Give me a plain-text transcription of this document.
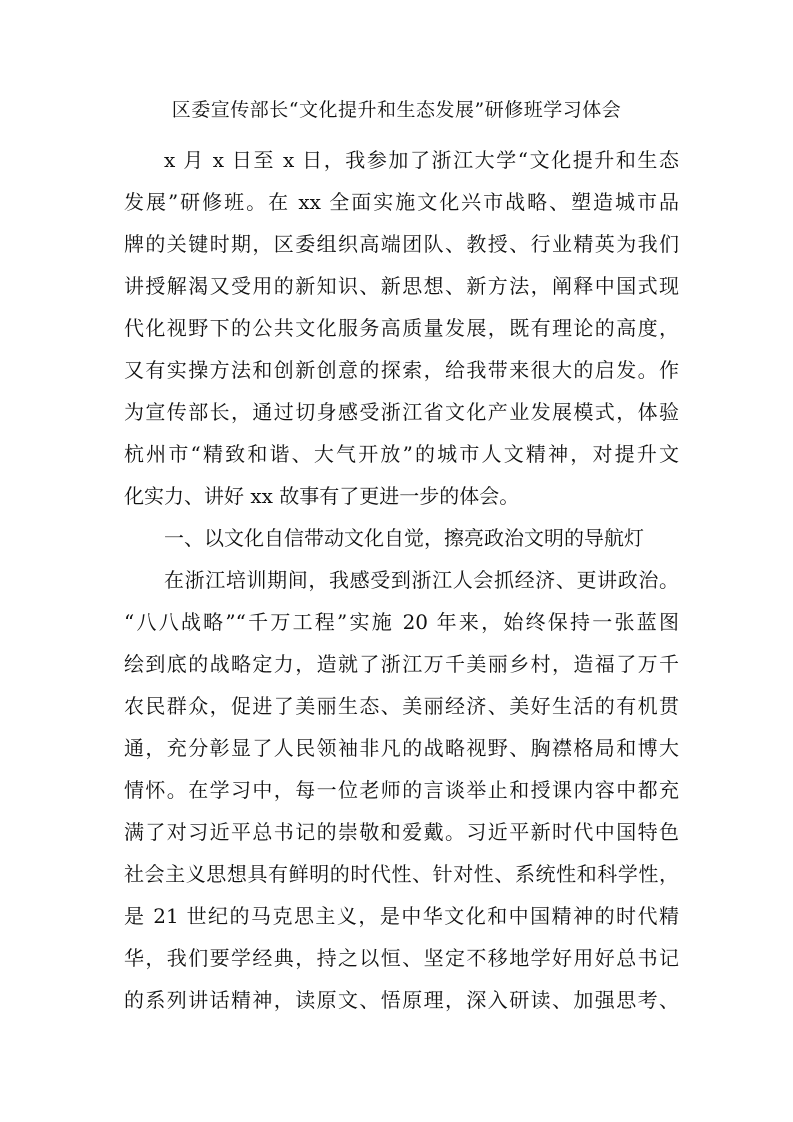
区委宣传部长“文化提升和生态发展”研修班学习体会
x 月 x 日至 x 日，我参加了浙江大学“文化提升和生态
发展”研修班。在 xx 全面实施文化兴市战略、塑造城市品
牌的关键时期，区委组织高端团队、教授、行业精英为我们
讲授解渴又受用的新知识、新思想、新方法，阐释中国式现
代化视野下的公共文化服务高质量发展，既有理论的高度，
又有实操方法和创新创意的探索，给我带来很大的启发。作
为宣传部长，通过切身感受浙江省文化产业发展模式，体验
杭州市“精致和谐、大气开放”的城市人文精神，对提升文
化实力、讲好 xx 故事有了更进一步的体会。
一、以文化自信带动文化自觉，擦亮政治文明的导航灯
在浙江培训期间，我感受到浙江人会抓经济、更讲政治。
“八八战略”“千万工程”实施 20 年来，始终保持一张蓝图
绘到底的战略定力，造就了浙江万千美丽乡村，造福了万千
农民群众，促进了美丽生态、美丽经济、美好生活的有机贯
通，充分彰显了人民领袖非凡的战略视野、胸襟格局和博大
情怀。在学习中，每一位老师的言谈举止和授课内容中都充
满了对习近平总书记的崇敬和爱戴。习近平新时代中国特色
社会主义思想具有鲜明的时代性、针对性、系统性和科学性，
是 21 世纪的马克思主义，是中华文化和中国精神的时代精
华，我们要学经典，持之以恒、坚定不移地学好用好总书记
的系列讲话精神，读原文、悟原理，深入研读、加强思考、
